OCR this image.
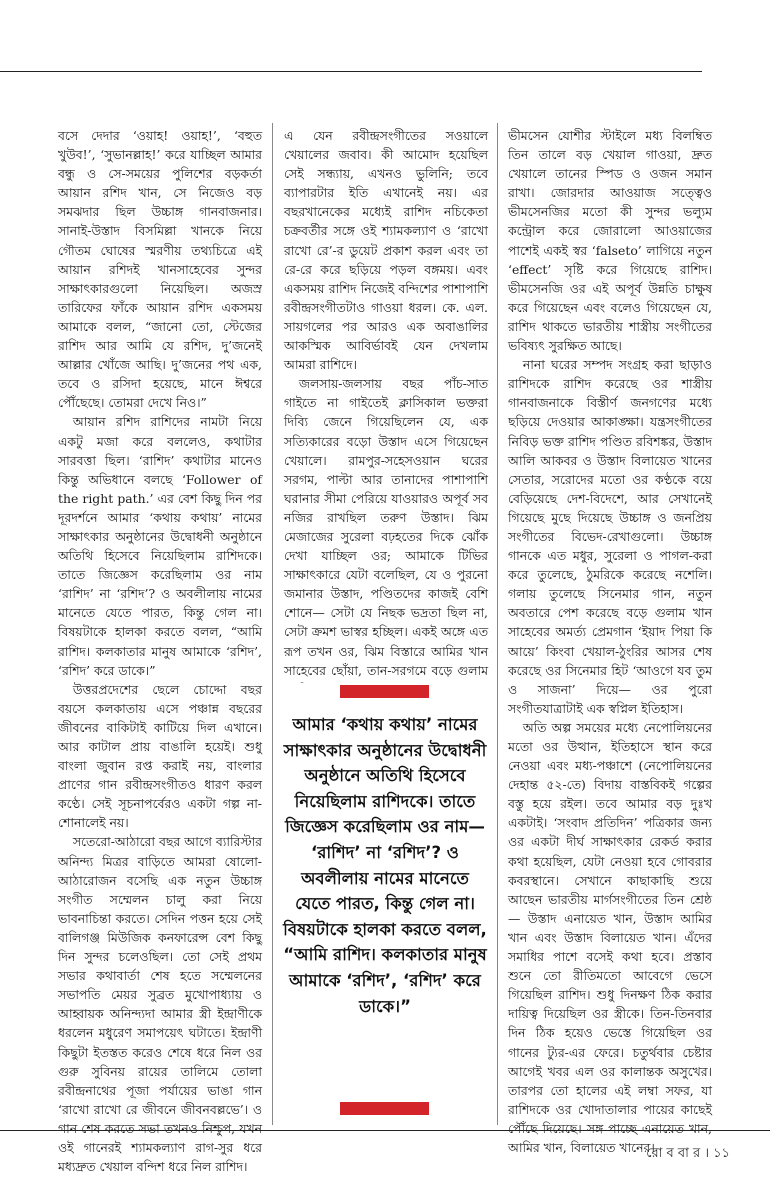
বসে দেদার ‘ওয়াহ! ওয়াহ!’, ‘বহুত খুউব!’, ‘সুভানল্লাহ!’ করে যাচ্ছিল আমার বন্ধু ও সে-সময়ের পুলিশের বড়কর্তা আয়ান রশিদ খান, সে নিজেও বড় সমঝদার ছিল উচ্চাঙ্গ গানবাজনার। সানাই-উস্তাদ বিসমিল্লা খানকে নিয়ে গৌতম ঘোষের স্মরণীয় তথ্যচিত্রে এই আয়ান রশিদই খানসাহেবের সুন্দর সাক্ষাৎকারগুলো নিয়েছিল। অজস্র তারিফের ফাঁকে আয়ান রশিদ একসময় আমাকে বলল, “জানো তো, স্টেজের রাশিদ আর আমি যে রশিদ, দু’জনেই আল্লার খোঁজে আছি। দু’জনের পথ এক, তবে ও রসিদা হয়েছে, মানে ঈশ্বরে পৌঁছেছে। তোমরা দেখে নিও।”

আয়ান রশিদ রাশিদের নামটা নিয়ে একটু মজা করে বললেও, কথাটার সারবত্তা ছিল। ‘রাশিদ’ কথাটার মানেও কিন্তু অভিধানে বলছে ‘Follower of the right path.’ এর বেশ কিছু দিন পর দূরদর্শনে আমার ‘কথায় কথায়’ নামের সাক্ষাৎকার অনুষ্ঠানের উদ্বোধনী অনুষ্ঠানে অতিথি হিসেবে নিয়েছিলাম রাশিদকে। তাতে জিজ্ঞেস করেছিলাম ওর নাম ‘রাশিদ’ না ‘রশিদ’? ও অবলীলায় নামের মানেতে যেতে পারত, কিন্তু গেল না। বিষয়টাকে হালকা করতে বলল, “আমি রাশিদ। কলকাতার মানুষ আমাকে ‘রশিদ’, ‘রশিদ’ করে ডাকে।”

উত্তরপ্রদেশের ছেলে চোদ্দো বছর বয়সে কলকাতায় এসে পঞ্চান্ন বছরের জীবনের বাকিটাই কাটিয়ে দিল এখানে। আর কাটাল প্রায় বাঙালি হয়েই। শুধু বাংলা জুবান রপ্ত করাই নয়, বাংলার প্রাণের গান রবীন্দ্রসংগীতও ধারণ করল কণ্ঠে। সেই সূচনাপর্বেরও একটা গল্প না-শোনালেই নয়।

সতেরো-আঠারো বছর আগে ব্যারিস্টার অনিন্দ্য মিত্রর বাড়িতে আমরা ষোলো-আঠারোজন বসেছি এক নতুন উচ্চাঙ্গ সংগীত সম্মেলন চালু করা নিয়ে ভাবনাচিন্তা করতে। সেদিন পত্তন হয়ে সেই বালিগঞ্জ মিউজিক কনফারেন্স বেশ কিছু দিন সুন্দর চলেওছিল। তো সেই প্রথম সভার কথাবার্তা শেষ হতে সম্মেলনের সভাপতি মেয়র সুব্রত মুখোপাধ্যায় ও আহ্বায়ক অনিন্দ্যদা আমার স্ত্রী ইন্দ্রাণীকে ধরলেন মধুরেণ সমাপয়েৎ ঘটাতে। ইন্দ্রাণী কিছুটা ইতস্তত করেও শেষে ধরে নিল ওর গুরু সুবিনয় রায়ের তালিমে তোলা রবীন্দ্রনাথের পূজা পর্যায়ের ভাঙা গান ‘রাখো রাখো রে জীবনে জীবনবল্লভে’। ও গান শেষ করতে সভা তখনও নিশ্চুপ, যখন ওই গানেরই শ্যামকল্যাণ রাগ-সুর ধরে মধ্যদ্রুত খেয়াল বন্দিশ ধরে নিল রাশিদ।

এ যেন রবীন্দ্রসংগীতের সওয়ালে খেয়ালের জবাব। কী আমোদ হয়েছিল সেই সন্ধ্যায়, এখনও ভুলিনি; তবে ব্যাপারটার ইতি এখানেই নয়। এর বছরখানেকের মধ্যেই রাশিদ নচিকেতা চক্রবর্তীর সঙ্গে ওই শ্যামকল্যাণ ও ‘রাখো রাখো রে’-র ডুয়েট প্রকাশ করল এবং তা রে-রে করে ছড়িয়ে পড়ল বঙ্গময়। এবং একসময় রাশিদ নিজেই বন্দিশের পাশাপাশি রবীন্দ্রসংগীতটাও গাওয়া ধরল। কে. এল. সায়গলের পর আরও এক অবাঙালির আকস্মিক আবির্ভাবই যেন দেখলাম আমরা রাশিদে।

জলসায়-জলসায় বছর পাঁচ-সাত গাইতে না গাইতেই ক্লাসিকাল ভক্তরা দিব্যি জেনে গিয়েছিলেন যে, এক সত্যিকারের বড়ো উস্তাদ এসে গিয়েছেন খেয়ালে। রামপুর-সহেসওয়ান ঘরের সরগম, পাল্টা আর তানাদের পাশাপাশি ঘরানার সীমা পেরিয়ে যাওয়ারও অপূর্ব সব নজির রাখছিল তরুণ উস্তাদ। ঝিম মেজাজের সুরেলা বঢ়হতের দিকে ঝোঁক দেখা যাচ্ছিল ওর; আমাকে টিভির সাক্ষাৎকারে যেটা বলেছিল, যে ও পুরনো জমানার উস্তাদ, পণ্ডিতদের কাজই বেশি শোনে— সেটা যে নিছক ভদ্রতা ছিল না, সেটা ক্রমশ ভাস্বর হচ্ছিল। একই অঙ্গে এত রূপ তখন ওর, ঝিম বিস্তারে আমির খান সাহেবের ছোঁয়া, তান-সরগমে বড়ে গুলাম

আমার ‘কথায় কথায়’ নামের সাক্ষাৎকার অনুষ্ঠানের উদ্বোধনী অনুষ্ঠানে অতিথি হিসেবে নিয়েছিলাম রাশিদকে। তাতে জিজ্ঞেস করেছিলাম ওর নাম— ‘রাশিদ’ না ‘রশিদ’? ও অবলীলায় নামের মানেতে যেতে পারত, কিন্তু গেল না। বিষয়টাকে হালকা করতে বলল, “আমি রাশিদ। কলকাতার মানুষ আমাকে ‘রশিদ’, ‘রশিদ’ করে ডাকে।”

ভীমসেন যোশীর স্টাইলে মধ্য বিলম্বিত তিন তালে বড় খেয়াল গাওয়া, দ্রুত খেয়ালে তানের স্পিড ও ওজন সমান রাখা। জোরদার আওয়াজ সত্ত্বেও ভীমসেনজির মতো কী সুন্দর ভল্যুম কন্ট্রোল করে জোরালো আওয়াজের পাশেই একই স্বর ‘falseto’ লাগিয়ে নতুন ‘effect’ সৃষ্টি করে গিয়েছে রাশিদ। ভীমসেনজি ওর এই অপূর্ব উন্নতি চাক্ষুষ করে গিয়েছেন এবং বলেও গিয়েছেন যে, রাশিদ থাকতে ভারতীয় শাস্ত্রীয় সংগীতের ভবিষ্যৎ সুরক্ষিত আছে।

নানা ঘরের সম্পদ সংগ্রহ করা ছাড়াও রাশিদকে রাশিদ করেছে ওর শাস্ত্রীয় গানবাজনাকে বিস্তীর্ণ জনগণের মধ্যে ছড়িয়ে দেওয়ার আকাঙ্ক্ষা। যন্ত্রসংগীতের নিবিড় ভক্ত রাশিদ পণ্ডিত রবিশঙ্কর, উস্তাদ আলি আকবর ও উস্তাদ বিলায়েত খানের সেতার, সরোদের মতো ওর কণ্ঠকে বয়ে বেড়িয়েছে দেশ-বিদেশে, আর সেখানেই গিয়েছে মুছে দিয়েছে উচ্চাঙ্গ ও জনপ্রিয় সংগীতের বিভেদ-রেখাগুলো। উচ্চাঙ্গ গানকে এত মধুর, সুরেলা ও পাগল-করা করে তুলেছে, ঠুমরিকে করেছে নশেলি। গলায় তুলেছে সিনেমার গান, নতুন অবতারে পেশ করেছে বড়ে গুলাম খান সাহেবের অমর্ত্য প্রেমগান ‘ইয়াদ পিয়া কি আয়ে’ কিংবা খেয়াল-ঠুংরির আসর শেষ করেছে ওর সিনেমার হিট ‘আওগে যব তুম ও সাজনা’ দিয়ে— ওর পুরো সংগীতযাত্রাটাই এক স্বপ্নিল ইতিহাস।

অতি অল্প সময়ের মধ্যে নেপোলিয়নের মতো ওর উত্থান, ইতিহাসে স্থান করে নেওয়া এবং মধ্য-পঞ্চাশে (নেপোলিয়নের দেহান্ত ৫২-তে) বিদায় বাস্তবিকই গল্পের বস্তু হয়ে রইল। তবে আমার বড় দুঃখ একটাই। ‘সংবাদ প্রতিদিন’ পত্রিকার জন্য ওর একটা দীর্ঘ সাক্ষাৎকার রেকর্ড করার কথা হয়েছিল, যেটা নেওয়া হবে গোবরার কবরস্থানে। সেখানে কাছাকাছি শুয়ে আছেন ভারতীয় মার্গসংগীতের তিন শ্রেষ্ঠ— উস্তাদ এনায়েত খান, উস্তাদ আমির খান এবং উস্তাদ বিলায়েত খান। এঁদের সমাধির পাশে বসেই কথা হবে। প্রস্তাব শুনে তো রীতিমতো আবেগে ভেসে গিয়েছিল রাশিদ। শুধু দিনক্ষণ ঠিক করার দায়িত্ব দিয়েছিল ওর স্ত্রীকে। তিন-তিনবার দিন ঠিক হয়েও ভেস্তে গিয়েছিল ওর গানের ট্যুর-এর ফেরে। চতুর্থবার চেষ্টার আগেই খবর এল ওর কালান্তক অসুখের। তারপর তো হালের এই লম্বা সফর, যা রাশিদকে ওর খোদাতালার পায়ের কাছেই পৌঁছে দিয়েছে। সঙ্গ পাচ্ছে এনায়েত খান, আমির খান, বিলায়েত খানের।

রো ব বা র । ১১
